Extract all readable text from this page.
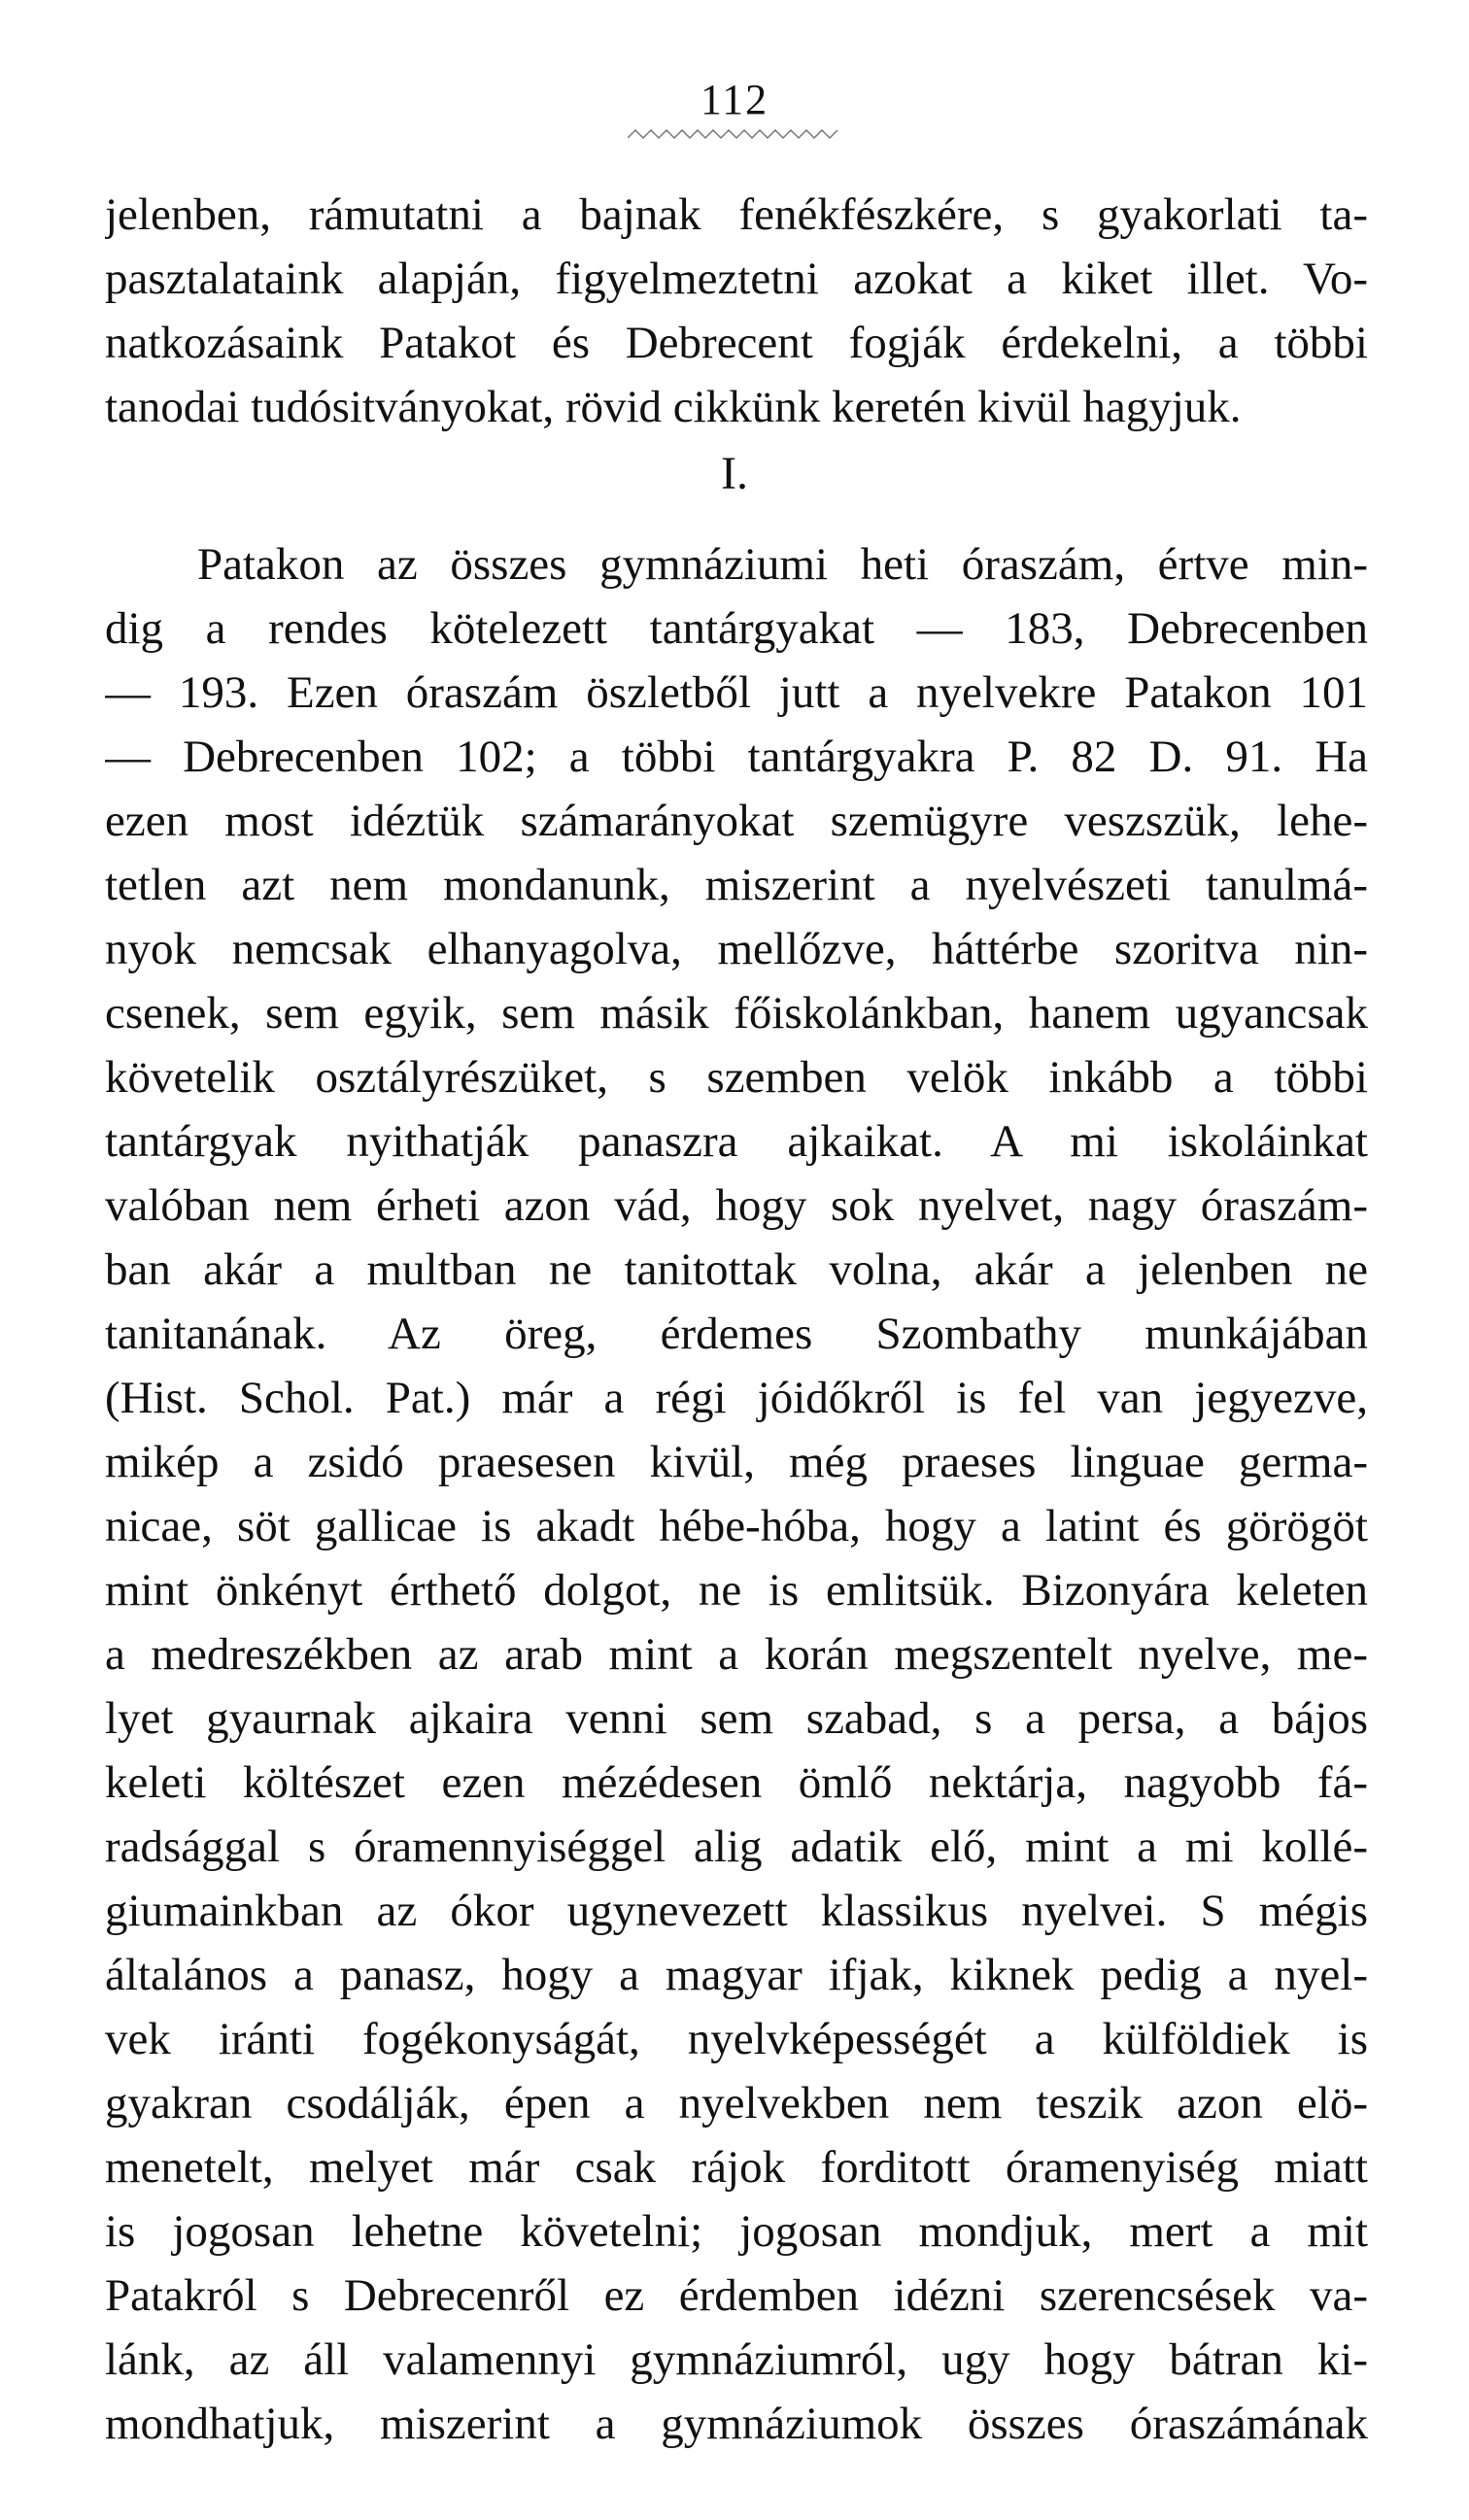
112
jelenben, rámutatni a bajnak fenékfészkére, s gyakorlati ta-
pasztalataink alapján, figyelmeztetni azokat a kiket illet. Vo-
natkozásaink Patakot és Debrecent fogják érdekelni, a többi
tanodai tudósitványokat, rövid cikkünk keretén kivül hagyjuk.
I.
Patakon az összes gymnáziumi heti óraszám, értve min-
dig a rendes kötelezett tantárgyakat — 183, Debrecenben
— 193. Ezen óraszám öszletből jutt a nyelvekre Patakon 101
— Debrecenben 102; a többi tantárgyakra P. 82 D. 91. Ha
ezen most idéztük számarányokat szemügyre veszszük, lehe-
tetlen azt nem mondanunk, miszerint a nyelvészeti tanulmá-
nyok nemcsak elhanyagolva, mellőzve, háttérbe szoritva nin-
csenek, sem egyik, sem másik főiskolánkban, hanem ugyancsak
követelik osztályrészüket, s szemben velök inkább a többi
tantárgyak nyithatják panaszra ajkaikat. A mi iskoláinkat
valóban nem érheti azon vád, hogy sok nyelvet, nagy óraszám-
ban akár a multban ne tanitottak volna, akár a jelenben ne
tanitanának. Az öreg, érdemes Szombathy munkájában
(Hist. Schol. Pat.) már a régi jóidőkről is fel van jegyezve,
mikép a zsidó praesesen kivül, még praeses linguae germa-
nicae, söt gallicae is akadt hébe-hóba, hogy a latint és görögöt
mint önkényt érthető dolgot, ne is emlitsük. Bizonyára keleten
a medreszékben az arab mint a korán megszentelt nyelve, me-
lyet gyaurnak ajkaira venni sem szabad, s a persa, a bájos
keleti költészet ezen mézédesen ömlő nektárja, nagyobb fá-
radsággal s óramennyiséggel alig adatik elő, mint a mi kollé-
giumainkban az ókor ugynevezett klassikus nyelvei. S mégis
általános a panasz, hogy a magyar ifjak, kiknek pedig a nyel-
vek iránti fogékonyságát, nyelvképességét a külföldiek is
gyakran csodálják, épen a nyelvekben nem teszik azon elö-
menetelt, melyet már csak rájok forditott óramenyiség miatt
is jogosan lehetne követelni; jogosan mondjuk, mert a mit
Patakról s Debrecenről ez érdemben idézni szerencsések va-
lánk, az áll valamennyi gymnáziumról, ugy hogy bátran ki-
mondhatjuk, miszerint a gymnáziumok összes óraszámának
